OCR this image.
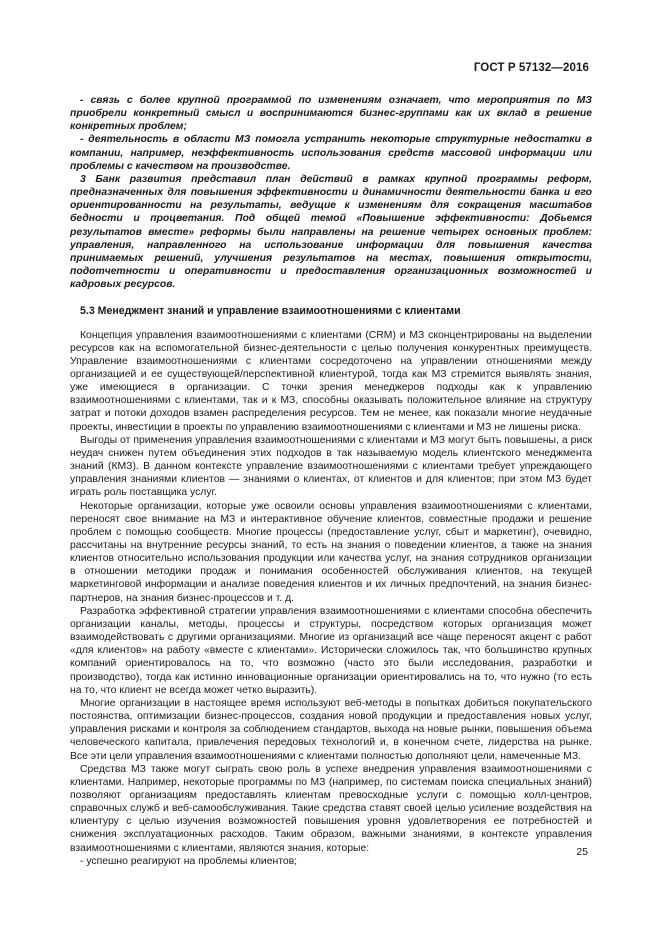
ГОСТ Р 57132—2016

- связь с более крупной программой по изменениям означает, что мероприятия по МЗ приобрели конкретный смысл и воспринимаются бизнес-группами как их вклад в решение конкретных проблем;

- деятельность в области МЗ помогла устранить некоторые структурные недостатки в компании, например, неэффективность использования средств массовой информации или проблемы с качеством на производстве.

3 Банк развития представил план действий в рамках крупной программы реформ, предназначенных для повышения эффективности и динамичности деятельности банка и его ориентированности на результаты, ведущие к изменениям для сокращения масштабов бедности и процветания. Под общей темой «Повышение эффективности: Добьемся результатов вместе» реформы были направлены на решение четырех основных проблем: управления, направленного на использование информации для повышения качества принимаемых решений, улучшения результатов на местах, повышения открытости, подотчетности и оперативности и предоставления организационных возможностей и кадровых ресурсов.

5.3 Менеджмент знаний и управление взаимоотношениями с клиентами

Концепция управления взаимоотношениями с клиентами (CRM) и МЗ сконцентрированы на выделении ресурсов как на вспомогательной бизнес-деятельности с целью получения конкурентных преимуществ. Управление взаимоотношениями с клиентами сосредоточено на управлении отношениями между организацией и ее существующей/перспективной клиентурой, тогда как МЗ стремится выявлять знания, уже имеющиеся в организации. С точки зрения менеджеров подходы как к управлению взаимоотношениями с клиентами, так и к МЗ, способны оказывать положительное влияние на структуру затрат и потоки доходов взамен распределения ресурсов. Тем не менее, как показали многие неудачные проекты, инвестиции в проекты по управлению взаимоотношениями с клиентами и МЗ не лишены риска.

Выгоды от применения управления взаимоотношениями с клиентами и МЗ могут быть повышены, а риск неудач снижен путем объединения этих подходов в так называемую модель клиентского менеджмента знаний (КМЗ). В данном контексте управление взаимоотношениями с клиентами требует упреждающего управления знаниями клиентов — знаниями о клиентах, от клиентов и для клиентов; при этом МЗ будет играть роль поставщика услуг.

Некоторые организации, которые уже освоили основы управления взаимоотношениями с клиентами, переносят свое внимание на МЗ и интерактивное обучение клиентов, совместные продажи и решение проблем с помощью сообществ. Многие процессы (предоставление услуг, сбыт и маркетинг), очевидно, рассчитаны на внутренние ресурсы знаний, то есть на знания о поведении клиентов, а также на знания клиентов относительно использования продукции или качества услуг, на знания сотрудников организации в отношении методики продаж и понимания особенностей обслуживания клиентов, на текущей маркетинговой информации и анализе поведения клиентов и их личных предпочтений, на знания бизнес-партнеров, на знания бизнес-процессов и т. д.

Разработка эффективной стратегии управления взаимоотношениями с клиентами способна обеспечить организации каналы, методы, процессы и структуры, посредством которых организация может взаимодействовать с другими организациями. Многие из организаций все чаще переносят акцент с работ «для клиентов» на работу «вместе с клиентами». Исторически сложилось так, что большинство крупных компаний ориентировалось на то, что возможно (часто это были исследования, разработки и производство), тогда как истинно инновационные организации ориентировались на то, что нужно (то есть на то, что клиент не всегда может четко выразить).

Многие организации в настоящее время используют веб-методы в попытках добиться покупательского постоянства, оптимизации бизнес-процессов, создания новой продукции и предоставления новых услуг, управления рисками и контроля за соблюдением стандартов, выхода на новые рынки, повышения объема человеческого капитала, привлечения передовых технологий и, в конечном счете, лидерства на рынке. Все эти цели управления взаимоотношениями с клиентами полностью дополняют цели, намеченные МЗ.

Средства МЗ также могут сыграть свою роль в успехе внедрения управления взаимоотношениями с клиентами. Например, некоторые программы по МЗ (например, по системам поиска специальных знаний) позволяют организациям предоставлять клиентам превосходные услуги с помощью колл-центров, справочных служб и веб-самообслуживания. Такие средства ставят своей целью усиление воздействия на клиентуру с целью изучения возможностей повышения уровня удовлетворения ее потребностей и снижения эксплуатационных расходов. Таким образом, важными знаниями, в контексте управления взаимоотношениями с клиентами, являются знания, которые:

- успешно реагируют на проблемы клиентов;

25
